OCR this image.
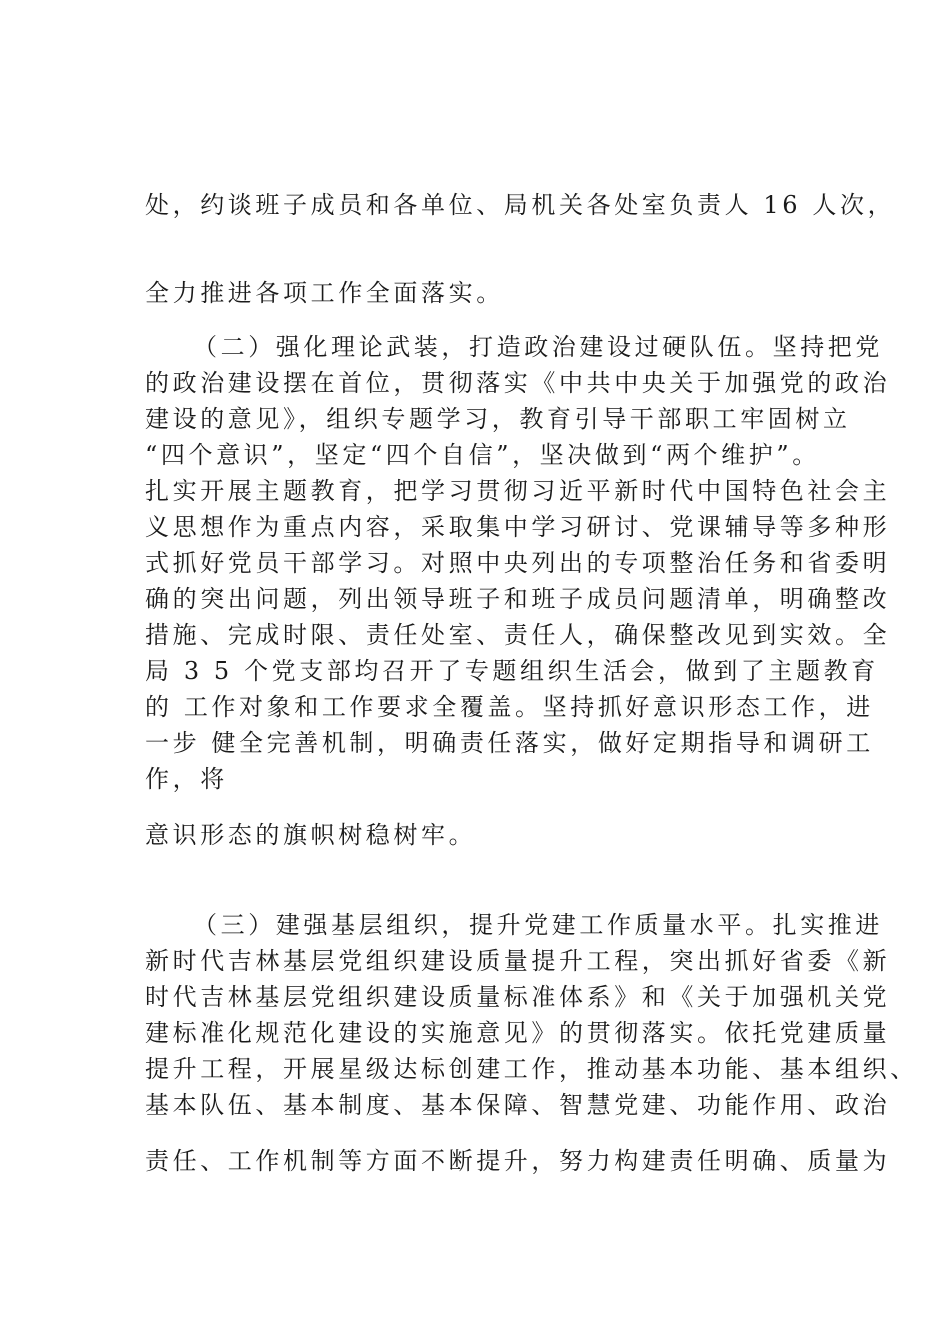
处，约谈班子成员和各单位、局机关各处室负责人 16 人次，
全力推进各项工作全面落实。
（二）强化理论武装，打造政治建设过硬队伍。坚持把党
的政治建设摆在首位，贯彻落实《中共中央关于加强党的政治
建设的意见》，组织专题学习，教育引导干部职工牢固树立
“四个意识”，坚定“四个自信”，坚决做到“两个维护”。
扎实开展主题教育，把学习贯彻习近平新时代中国特色社会主
义思想作为重点内容，采取集中学习研讨、党课辅导等多种形
式抓好党员干部学习。对照中央列出的专项整治任务和省委明
确的突出问题，列出领导班子和班子成员问题清单，明确整改
措施、完成时限、责任处室、责任人，确保整改见到实效。全
局 3 5 个党支部均召开了专题组织生活会，做到了主题教育
的 工作对象和工作要求全覆盖。坚持抓好意识形态工作，进
一步 健全完善机制，明确责任落实，做好定期指导和调研工
作，将
意识形态的旗帜树稳树牢。
（三）建强基层组织，提升党建工作质量水平。扎实推进
新时代吉林基层党组织建设质量提升工程，突出抓好省委《新
时代吉林基层党组织建设质量标准体系》和《关于加强机关党
建标准化规范化建设的实施意见》的贯彻落实。依托党建质量
提升工程，开展星级达标创建工作，推动基本功能、基本组织、
基本队伍、基本制度、基本保障、智慧党建、功能作用、政治
责任、工作机制等方面不断提升，努力构建责任明确、质量为
